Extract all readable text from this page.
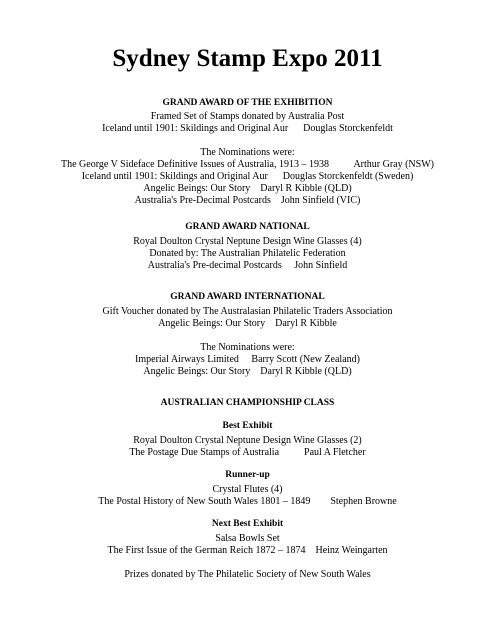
Sydney Stamp Expo 2011
GRAND AWARD OF THE EXHIBITION
Framed Set of Stamps donated by Australia Post
Iceland until 1901: Skildings and Original Aur      Douglas Storckenfeldt
The Nominations were:
The George V Sideface Definitive Issues of Australia, 1913 – 1938          Arthur Gray (NSW)
Iceland until 1901: Skildings and Original Aur      Douglas Storckenfeldt (Sweden)
Angelic Beings: Our Story    Daryl R Kibble (QLD)
Australia's Pre-Decimal Postcards    John Sinfield (VIC)
GRAND AWARD NATIONAL
Royal Doulton Crystal Neptune Design Wine Glasses (4)
Donated by: The Australian Philatelic Federation
Australia's Pre-decimal Postcards     John Sinfield
GRAND AWARD INTERNATIONAL
Gift Voucher donated by The Australasian Philatelic Traders Association
Angelic Beings: Our Story    Daryl R Kibble
The Nominations were:
Imperial Airways Limited     Barry Scott (New Zealand)
Angelic Beings: Our Story    Daryl R Kibble (QLD)
AUSTRALIAN CHAMPIONSHIP CLASS
Best Exhibit
Royal Doulton Crystal Neptune Design Wine Glasses (2)
The Postage Due Stamps of Australia          Paul A Fletcher
Runner-up
Crystal Flutes (4)
The Postal History of New South Wales 1801 – 1849        Stephen Browne
Next Best Exhibit
Salsa Bowls Set
The First Issue of the German Reich 1872 – 1874    Heinz Weingarten
Prizes donated by The Philatelic Society of New South Wales
